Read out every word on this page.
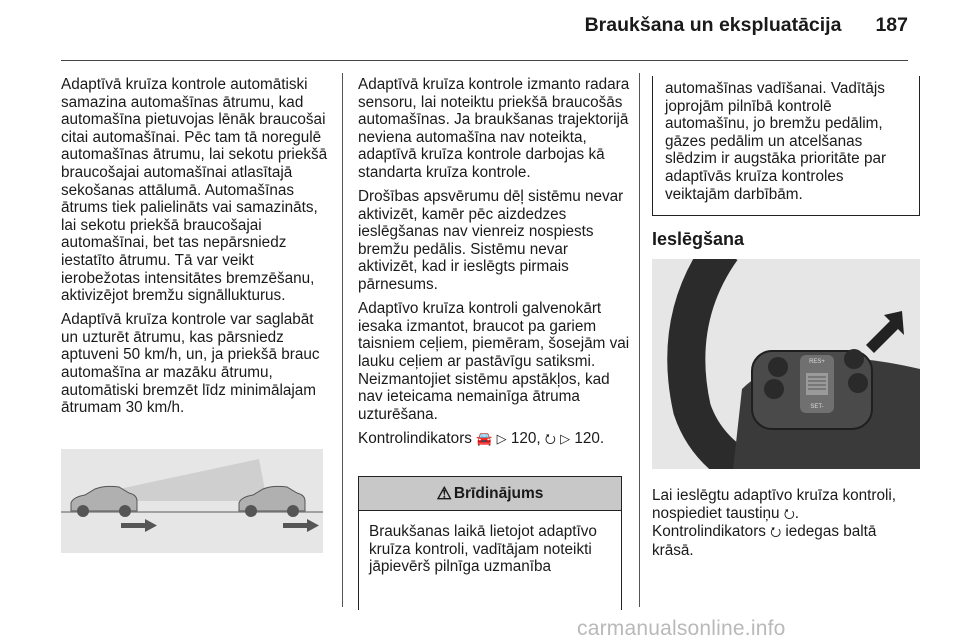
Braukšana un ekspluatācija 187

Adaptīvā kruīza kontrole automātiski samazina automašīnas ātrumu, kad automašīna pietuvojas lēnāk braucošai citai automašīnai. Pēc tam tā noregulē automašīnas ātrumu, lai sekotu priekšā braucošajai automašīnai atlasītajā sekošanas attālumā. Automašīnas ātrums tiek palielināts vai samazināts, lai sekotu priekšā braucošajai automašīnai, bet tas nepārsniedz iestatīto ātrumu. Tā var veikt ierobežotas intensitātes bremzēšanu, aktivizējot bremžu signāllukturus.

Adaptīvā kruīza kontrole var saglabāt un uzturēt ātrumu, kas pārsniedz aptuveni 50 km/h, un, ja priekšā brauc automašīna ar mazāku ātrumu, automātiski bremzēt līdz minimālajam ātrumam 30 km/h.

Adaptīvā kruīza kontrole izmanto radara sensoru, lai noteiktu priekšā braucošās automašīnas. Ja braukšanas trajektorijā neviena automašīna nav noteikta, adaptīvā kruīza kontrole darbojas kā standarta kruīza kontrole.

Drošības apsvērumu dēļ sistēmu nevar aktivizēt, kamēr pēc aizdedzes ieslēgšanas nav vienreiz nospiests bremžu pedālis. Sistēmu nevar aktivizēt, kad ir ieslēgts pirmais pārnesums.

Adaptīvo kruīza kontroli galvenokārt iesaka izmantot, braucot pa gariem taisniem ceļiem, piemēram, šosejām vai lauku ceļiem ar pastāvīgu satiksmi. Neizmantojiet sistēmu apstākļos, kad nav ieteicama nemainīga ātruma uzturēšana.

Kontrolindikators 🚘 ▷ 120, ⭮ ▷ 120.

⚠ Brīdinājums
Braukšanas laikā lietojot adaptīvo kruīza kontroli, vadītājam noteikti jāpievērš pilnīga uzmanība
automašīnas vadīšanai. Vadītājs joprojām pilnībā kontrolē automašīnu, jo bremžu pedālim, gāzes pedālim un atcelšanas slēdzim ir augstāka prioritāte par adaptīvās kruīza kontroles veiktajām darbībām.
Ieslēgšana
RES+
SET-

Lai ieslēgtu adaptīvo kruīza kontroli, nospiediet taustiņu ⭮.

Kontrolindikators ⭮ iedegas baltā krāsā.

carmanualsonline.info
